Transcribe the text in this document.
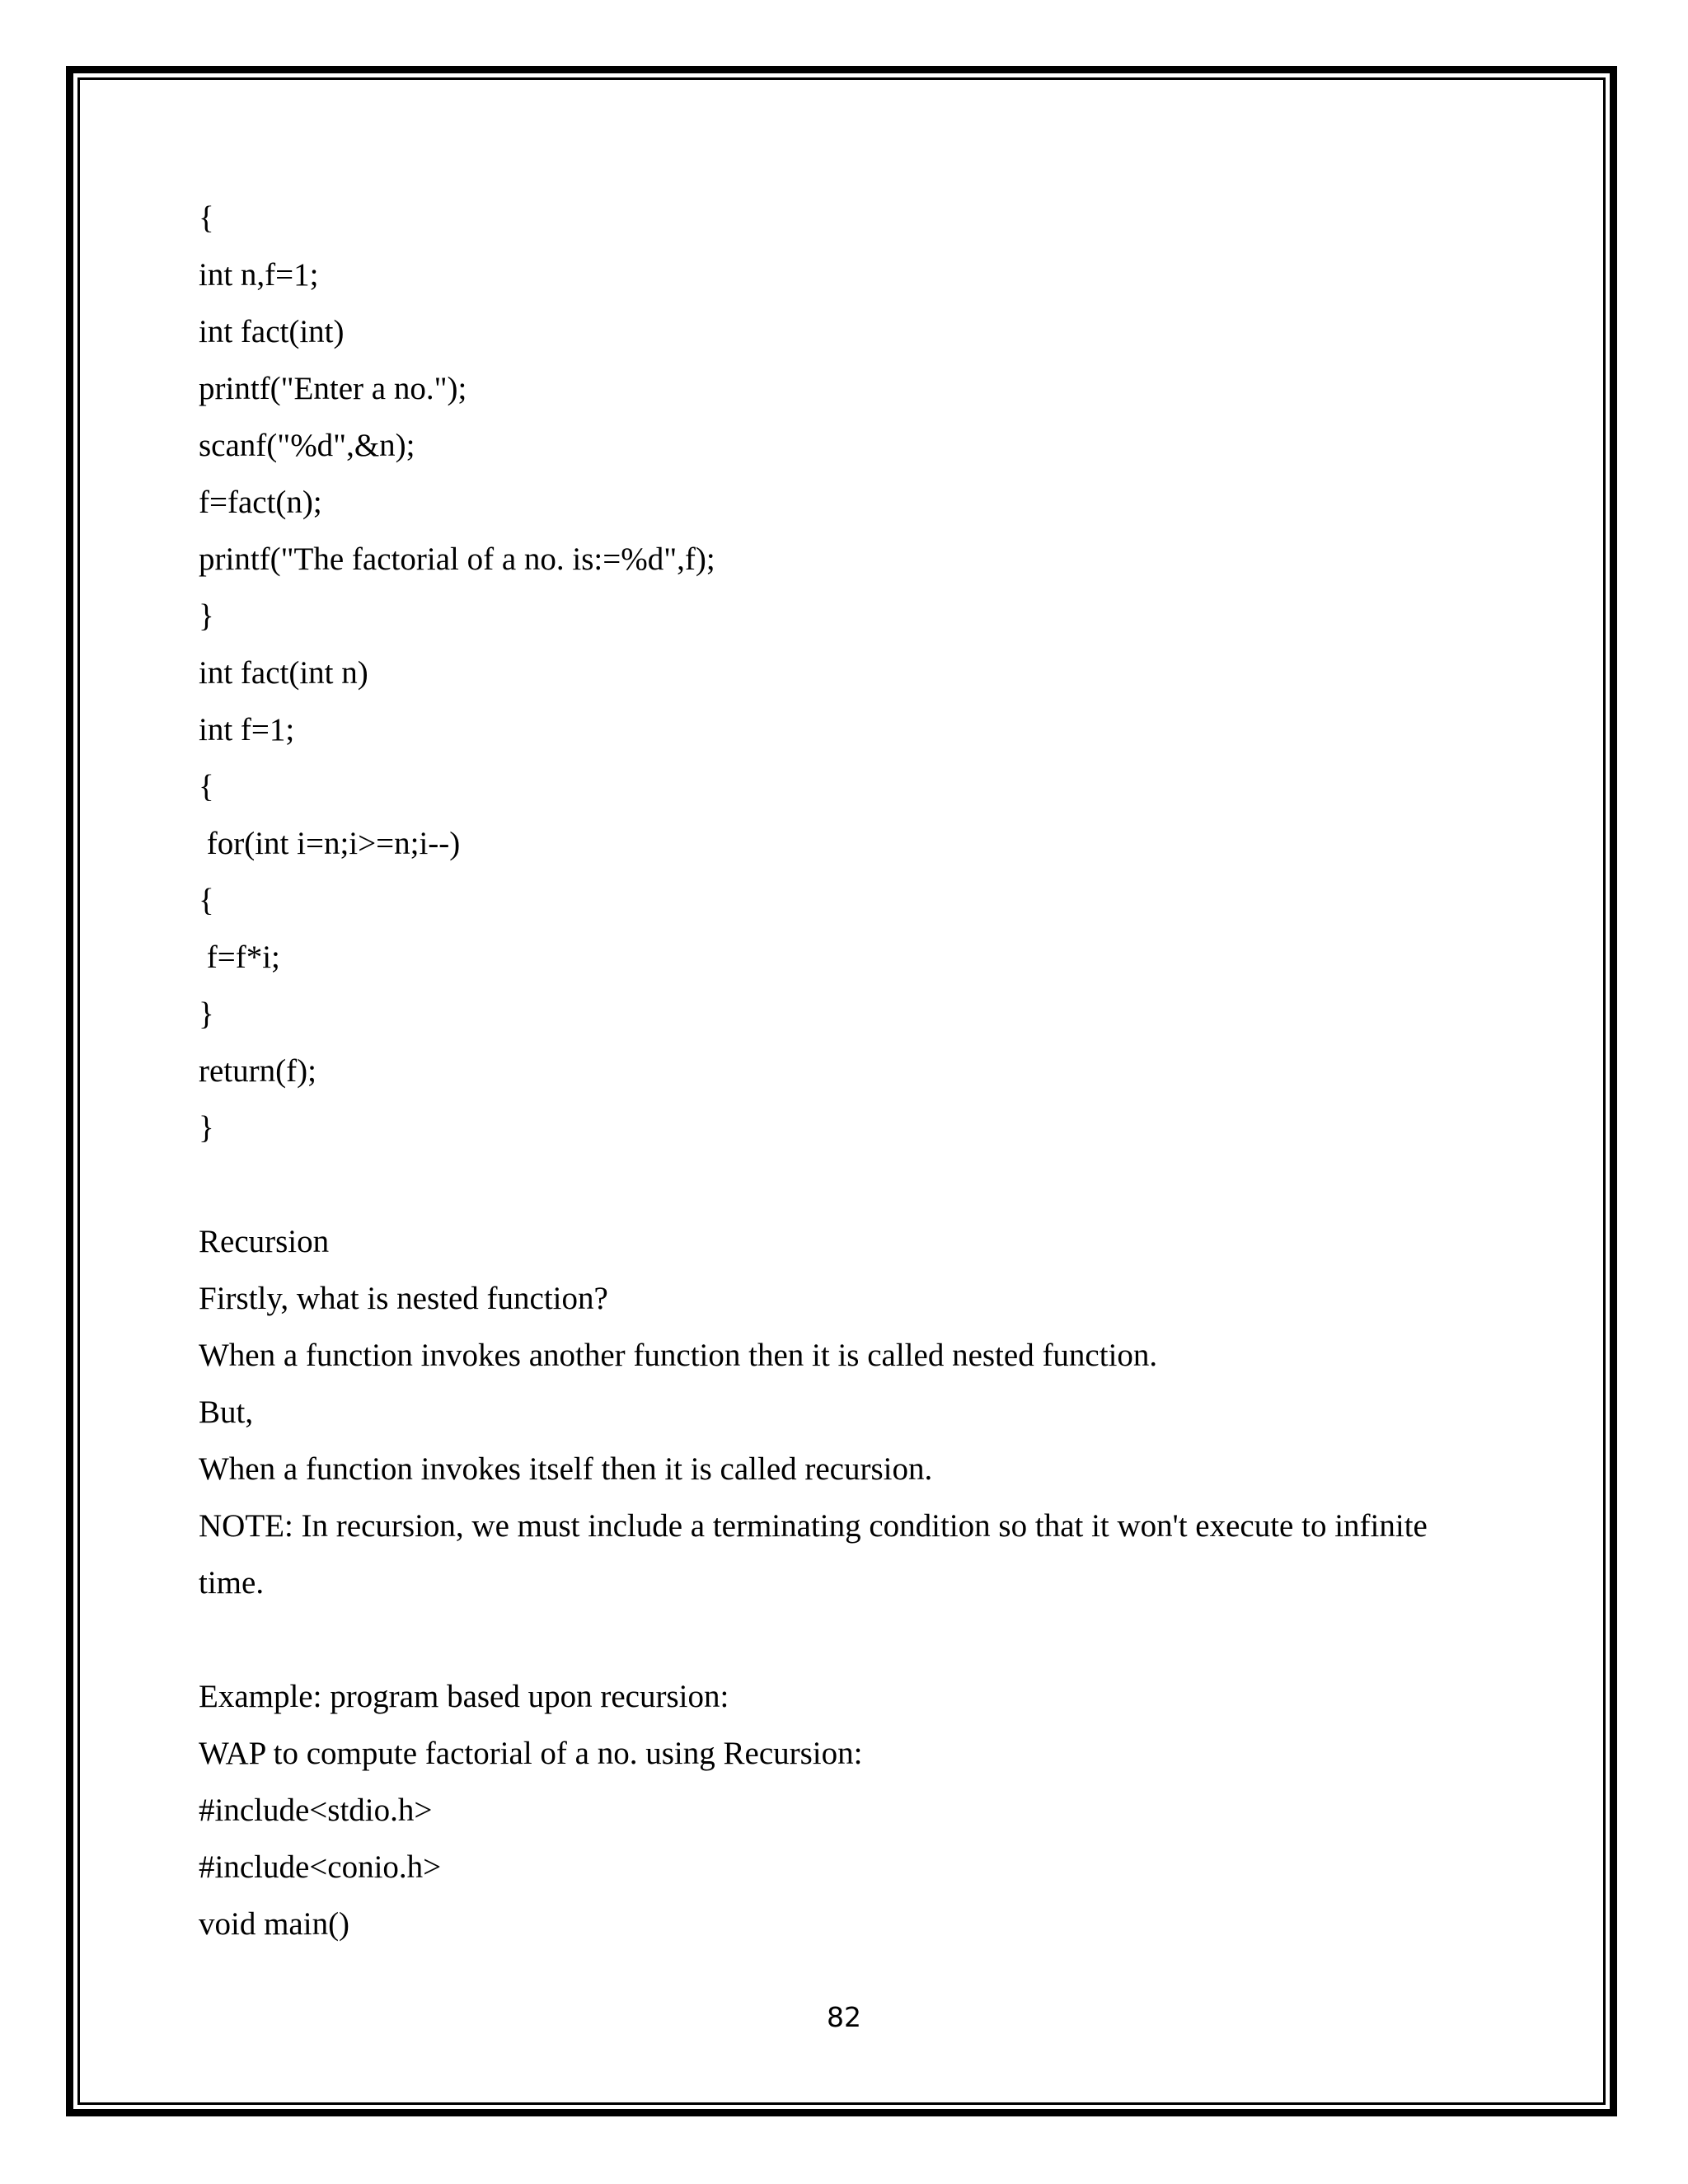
{
int n,f=1;
int fact(int)
printf("Enter a no.");
scanf("%d",&n);
f=fact(n);
printf("The factorial of a no. is:=%d",f);
}
int fact(int n)
int f=1;
{
for(int i=n;i>=n;i--)
{
f=f*i;
}
return(f);
}
Recursion
Firstly, what is nested function?
When a function invokes another function then it is called nested function.
But,
When a function invokes itself then it is called recursion.
NOTE: In recursion, we must include a terminating condition so that it won't execute to infinite
time.
Example: program based upon recursion:
WAP to compute factorial of a no. using Recursion:
#include<stdio.h>
#include<conio.h>
void main()
82
